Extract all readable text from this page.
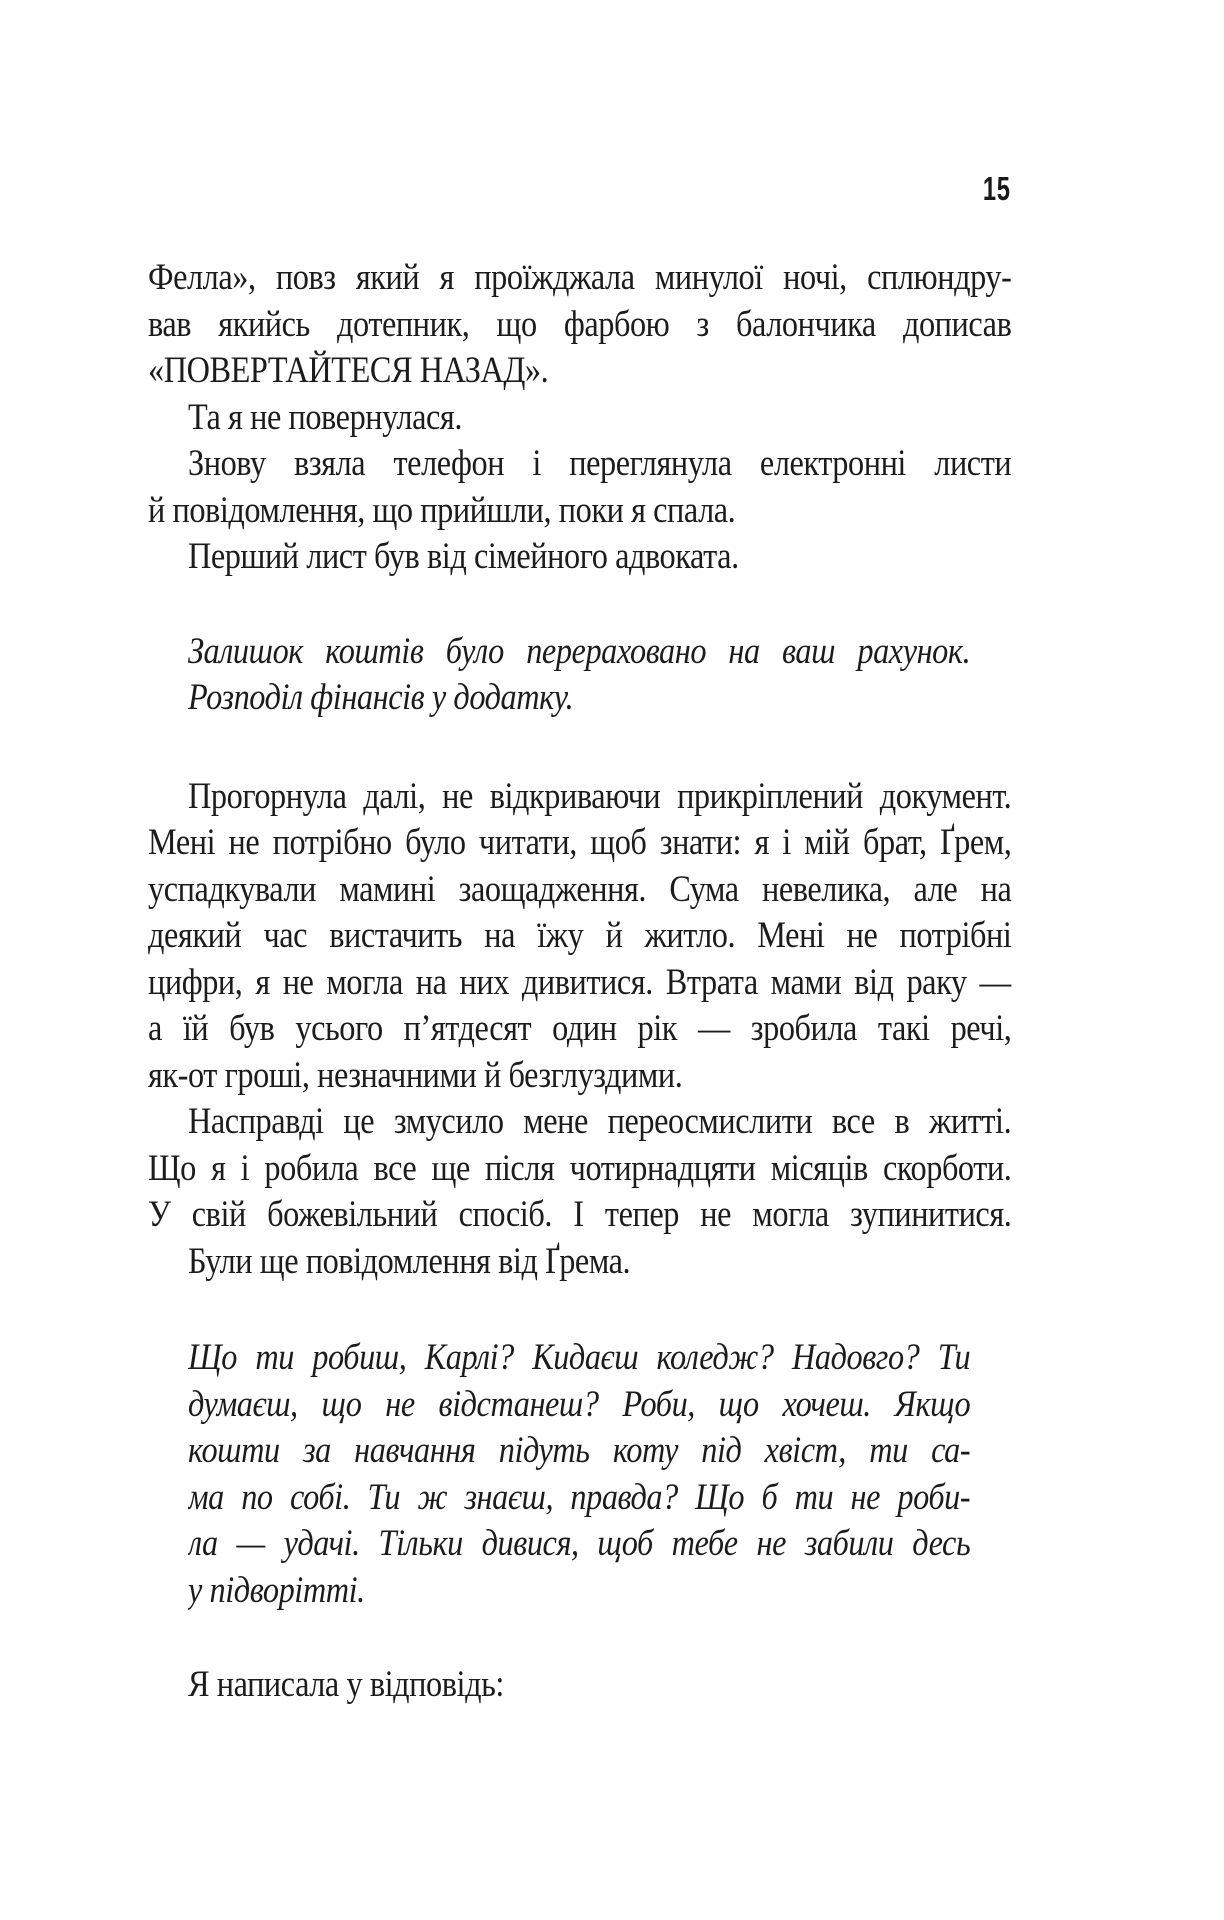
15
Фелла», повз який я проїжджала минулої ночі, сплюндру-
вав якийсь дотепник, що фарбою з балончика дописав
«ПОВЕРТАЙТЕСЯ НАЗАД».
Та я не повернулася.
Знову взяла телефон і переглянула електронні листи
й повідомлення, що прийшли, поки я спала.
Перший лист був від сімейного адвоката.
Залишок коштів було перераховано на ваш рахунок.
Розподіл фінансів у додатку.
Прогорнула далі, не відкриваючи прикріплений документ.
Мені не потрібно було читати, щоб знати: я і мій брат, Ґрем,
успадкували мамині заощадження. Сума невелика, але на
деякий час вистачить на їжу й житло. Мені не потрібні
цифри, я не могла на них дивитися. Втрата мами від раку —
а їй був усього п’ятдесят один рік — зробила такі речі,
як-от гроші, незначними й безглуздими.
Насправді це змусило мене переосмислити все в житті.
Що я і робила все ще після чотирнадцяти місяців скорботи.
У свій божевільний спосіб. І тепер не могла зупинитися.
Були ще повідомлення від Ґрема.
Що ти робиш, Карлі? Кидаєш коледж? Надовго? Ти
думаєш, що не відстанеш? Роби, що хочеш. Якщо
кошти за навчання підуть коту під хвіст, ти са-
ма по собі. Ти ж знаєш, правда? Що б ти не роби-
ла — удачі. Тільки дивися, щоб тебе не забили десь
у підворітті.
Я написала у відповідь:
